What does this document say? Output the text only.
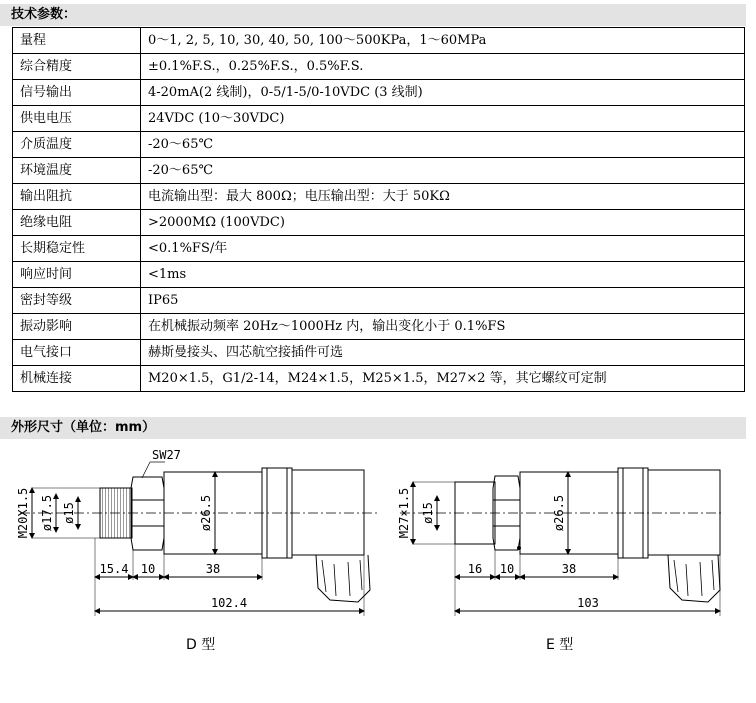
技术参数：
量程	0～1, 2, 5, 10, 30, 40, 50, 100～500KPa，1～60MPa
综合精度	±0.1%F.S.，0.25%F.S.，0.5%F.S.
信号输出	4-20mA(2 线制)，0-5/1-5/0-10VDC (3 线制)
供电电压	24VDC (10～30VDC)
介质温度	-20～65℃
环境温度	-20～65℃
输出阻抗	电流输出型：最大 800Ω；电压输出型：大于 50KΩ
绝缘电阻	>2000MΩ (100VDC)
长期稳定性	<0.1%FS/年
响应时间	<1ms
密封等级	IP65
振动影响	在机械振动频率 20Hz～1000Hz 内，输出变化小于 0.1%FS
电气接口	赫斯曼接头、四芯航空接插件可选
机械连接	M20×1.5，G1/2-14，M24×1.5，M25×1.5，M27×2 等，其它螺纹可定制
外形尺寸（单位：mm）
M20X1.5 ø17.5 ø15	ø26.5
SW27
15.4 10	38
102.4
M27×1.5 ø15	ø26.5
16 10	38
103
D 型	E 型
